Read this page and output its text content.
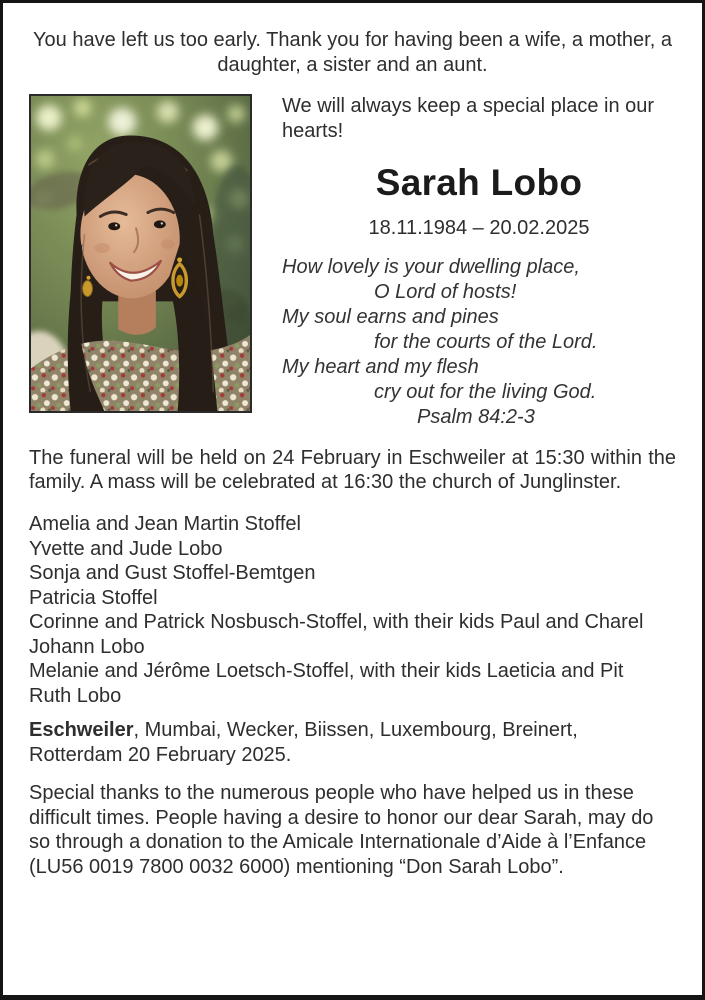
You have left us too early. Thank you for having been a wife, a mother, a daughter, a sister and an aunt.
We will always keep a special place in our hearts!
Sarah Lobo
18.11.1984 – 20.02.2025
How lovely is your dwelling place,
O Lord of hosts!
My soul earns and pines
for the courts of the Lord.
My heart and my flesh
cry out for the living God.
Psalm 84:2-3
The funeral will be held on 24 February in Eschweiler at 15:30 within the family. A mass will be celebrated at 16:30 the church of Junglinster.
Amelia and Jean Martin Stoffel
Yvette and Jude Lobo
Sonja and Gust Stoffel-Bemtgen
Patricia Stoffel
Corinne and Patrick Nosbusch-Stoffel, with their kids Paul and Charel
Johann Lobo
Melanie and Jérôme Loetsch-Stoffel, with their kids Laeticia and Pit
Ruth Lobo
Eschweiler, Mumbai, Wecker, Biissen, Luxembourg, Breinert, Rotterdam 20 February 2025.
Special thanks to the numerous people who have helped us in these difficult times. People having a desire to honor our dear Sarah, may do so through a donation to the Amicale Internationale d’Aide à l’Enfance (LU56 0019 7800 0032 6000) mentioning “Don Sarah Lobo”.
